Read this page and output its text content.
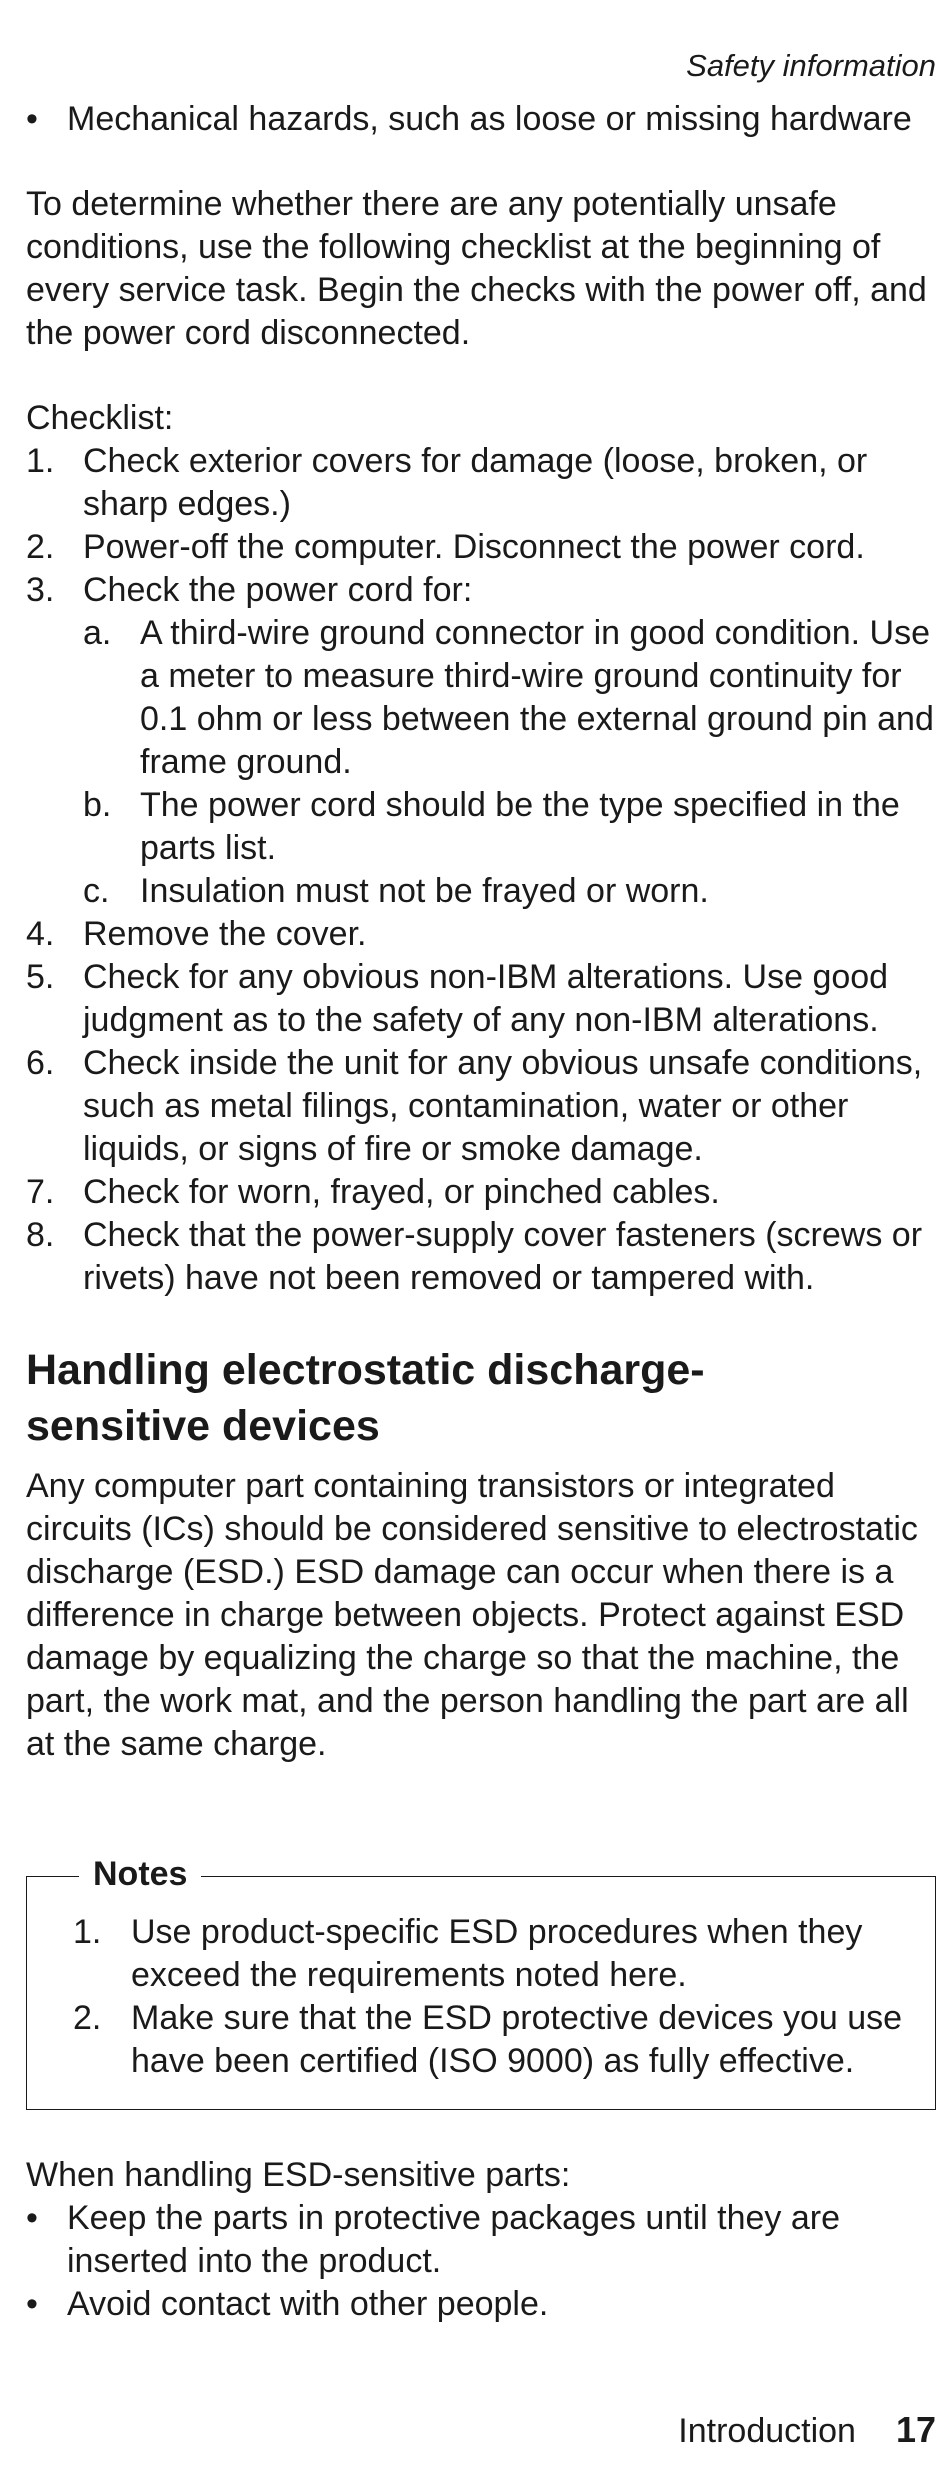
Safety information
• Mechanical hazards, such as loose or missing hardware

To determine whether there are any potentially unsafe conditions, use the following checklist at the beginning of every service task. Begin the checks with the power off, and the power cord disconnected.

Checklist:

1. Check exterior covers for damage (loose, broken, or sharp edges.)
2. Power-off the computer. Disconnect the power cord.
3. Check the power cord for:
a. A third-wire ground connector in good condition. Use a meter to measure third-wire ground continuity for 0.1 ohm or less between the external ground pin and frame ground.
b. The power cord should be the type specified in the parts list.
c. Insulation must not be frayed or worn.
4. Remove the cover.
5. Check for any obvious non-IBM alterations. Use good judgment as to the safety of any non-IBM alterations.
6. Check inside the unit for any obvious unsafe conditions, such as metal filings, contamination, water or other liquids, or signs of fire or smoke damage.
7. Check for worn, frayed, or pinched cables.
8. Check that the power-supply cover fasteners (screws or rivets) have not been removed or tampered with.
Handling electrostatic discharge-sensitive devices

Any computer part containing transistors or integrated circuits (ICs) should be considered sensitive to electrostatic discharge (ESD.) ESD damage can occur when there is a difference in charge between objects. Protect against ESD damage by equalizing the charge so that the machine, the part, the work mat, and the person handling the part are all at the same charge.

Notes
1. Use product-specific ESD procedures when they exceed the requirements noted here.
2. Make sure that the ESD protective devices you use have been certified (ISO 9000) as fully effective.

When handling ESD-sensitive parts:

• Keep the parts in protective packages until they are inserted into the product.
• Avoid contact with other people.
Introduction 17
